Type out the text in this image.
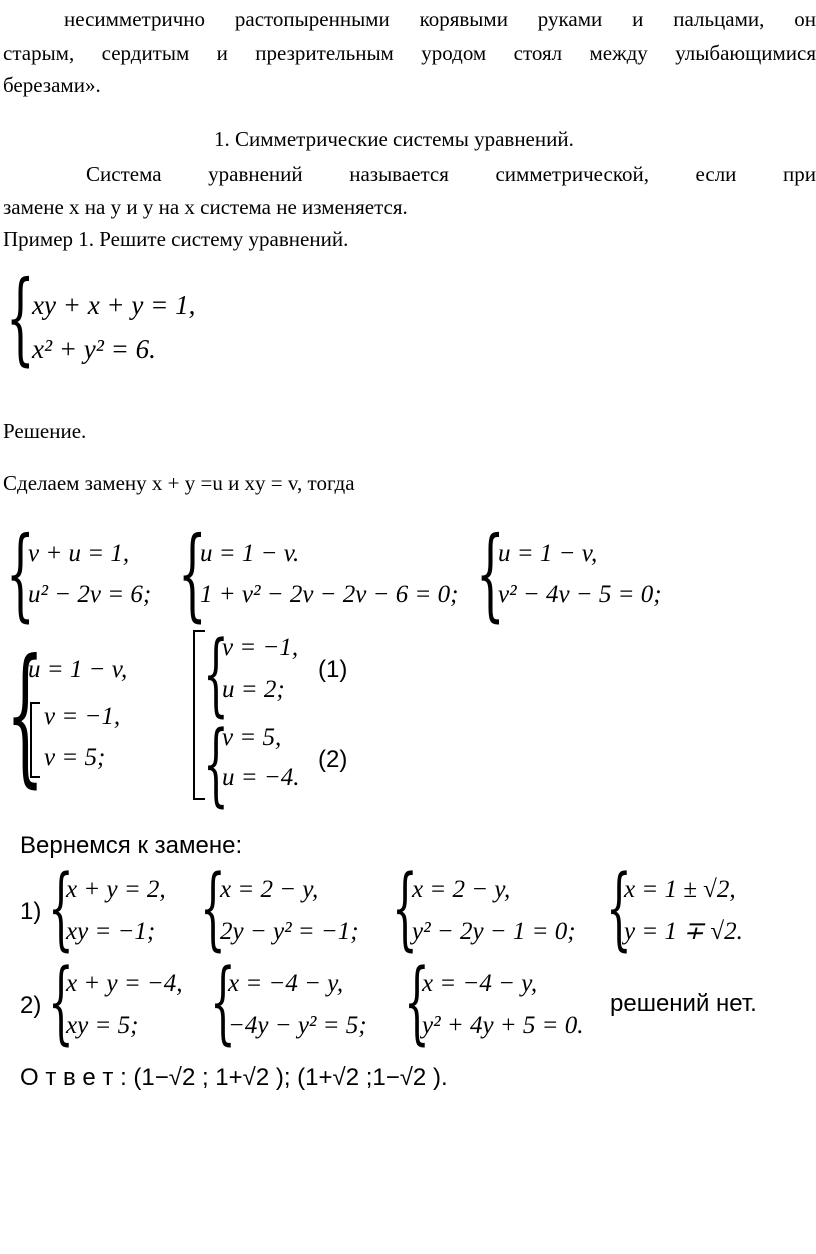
несимметрично растопыренными корявыми руками и пальцами, он
старым, сердитым и презрительным уродом стоял между улыбающимися
березами».
1. Симметрические системы уравнений.
Система уравнений называется симметрической, если при
замене x на y и y на x система не изменяется.
Пример 1. Решите систему уравнений.
{
xy + x + y = 1,
x² + y² = 6.
Решение.
Сделаем замену x + y =u и xy = v, тогда
{
v + u = 1,
u² − 2v = 6; {
u = 1 − v.
1 + v² − 2v − 2v − 6 = 0; {
u = 1 − v,
v² − 4v − 5 = 0;
{
u = 1 − v,
v = −1,
v = 5;
{
v = −1,
u = 2;
(1)
{
v = 5,
u = −4.
(2)
Вернемся к замене:
1) {
x + y = 2,
xy = −1; {
x = 2 − y,
2y − y² = −1; {
x = 2 − y,
y² − 2y − 1 = 0; {
x = 1 ± √2,
y = 1 ∓ √2.
2) {
x + y = −4,
xy = 5; {
x = −4 − y,
−4y − y² = 5; {
x = −4 − y,
y² + 4y + 5 = 0.
решений нет.
О т в е т : (1−√2 ; 1+√2 ); (1+√2 ;1−√2 ).
